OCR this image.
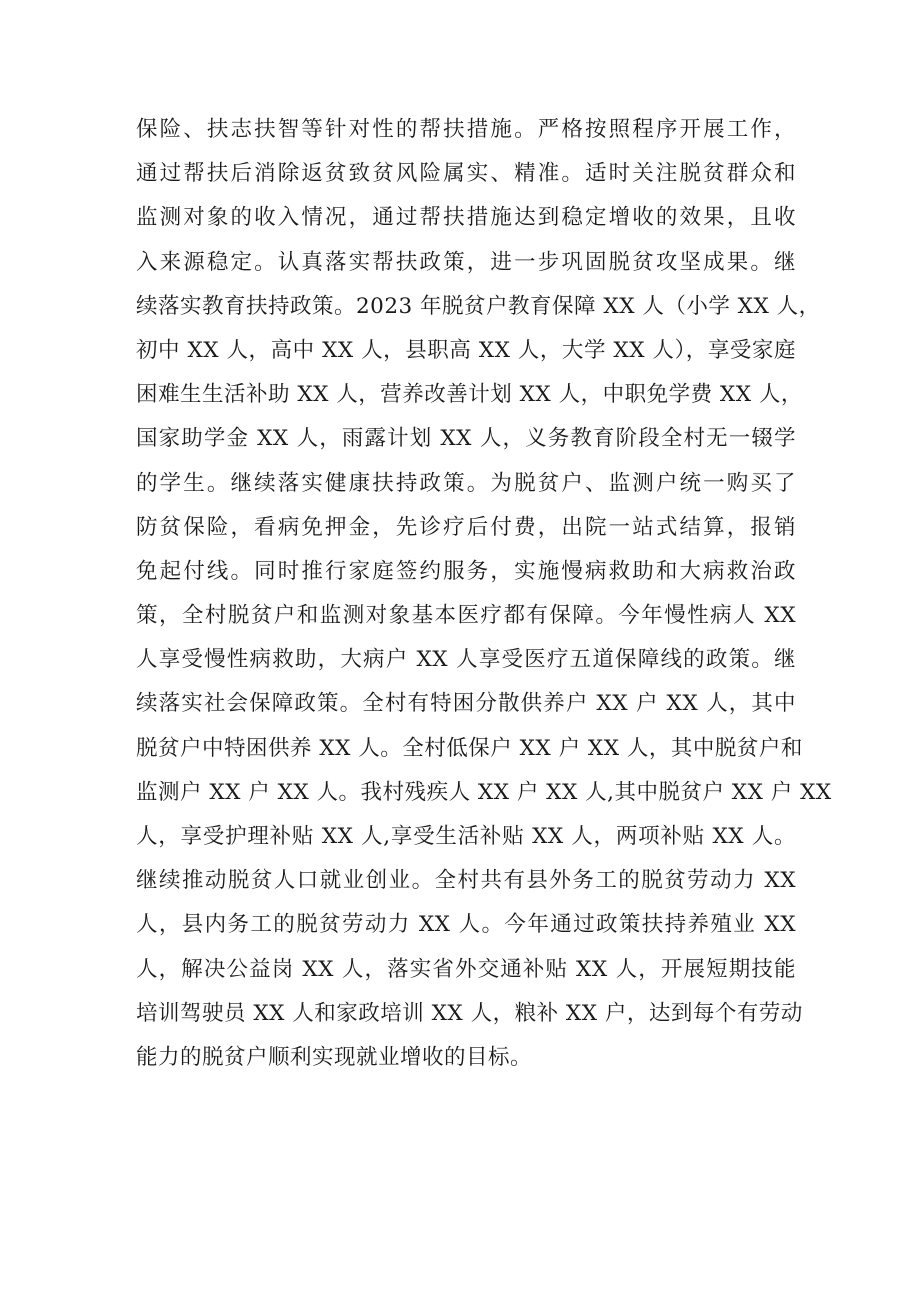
保险、扶志扶智等针对性的帮扶措施。严格按照程序开展工作，
通过帮扶后消除返贫致贫风险属实、精准。适时关注脱贫群众和
监测对象的收入情况，通过帮扶措施达到稳定增收的效果，且收
入来源稳定。认真落实帮扶政策，进一步巩固脱贫攻坚成果。继
续落实教育扶持政策。2023 年脱贫户教育保障 XX 人（小学 XX 人，
初中 XX 人，高中 XX 人，县职高 XX 人，大学 XX 人），享受家庭
困难生生活补助 XX 人，营养改善计划 XX 人，中职免学费 XX 人，
国家助学金 XX 人，雨露计划 XX 人，义务教育阶段全村无一辍学
的学生。继续落实健康扶持政策。为脱贫户、监测户统一购买了
防贫保险，看病免押金，先诊疗后付费，出院一站式结算，报销
免起付线。同时推行家庭签约服务，实施慢病救助和大病救治政
策，全村脱贫户和监测对象基本医疗都有保障。今年慢性病人 XX
人享受慢性病救助，大病户 XX 人享受医疗五道保障线的政策。继
续落实社会保障政策。全村有特困分散供养户 XX 户 XX 人，其中
脱贫户中特困供养 XX 人。全村低保户 XX 户 XX 人，其中脱贫户和
监测户 XX 户 XX 人。我村残疾人 XX 户 XX 人,其中脱贫户 XX 户 XX
人，享受护理补贴 XX 人,享受生活补贴 XX 人，两项补贴 XX 人。
继续推动脱贫人口就业创业。全村共有县外务工的脱贫劳动力 XX
人，县内务工的脱贫劳动力 XX 人。今年通过政策扶持养殖业 XX
人，解决公益岗 XX 人，落实省外交通补贴 XX 人，开展短期技能
培训驾驶员 XX 人和家政培训 XX 人，粮补 XX 户，达到每个有劳动
能力的脱贫户顺利实现就业增收的目标。
